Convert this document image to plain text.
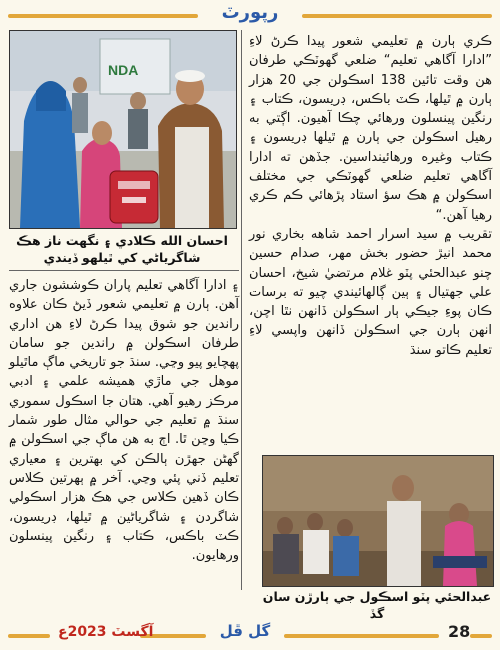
رپورٽ
NDA
احسان الله ڪلادي ۽ نگهت ناز هڪ شاگرياڻي کي ٿيلهو ڏيندي

ڪري ٻارن ۾ تعليمي شعور پيدا ڪرڻ لاءِ ”ادارا آگاهي تعليم“ ضلعي گهوٽڪي طرفان هن وقت تائين 138 اسڪولن جي 20 هزار ٻارن ۾ ٿيلها، ڪٽ باڪس، ڊريسون، ڪتاب ۽ رنگين پينسلون ورهائي چڪا آهيون. اڳتي به رهيل اسڪولن جي ٻارن ۾ ٿيلها ڊريسون ۽ ڪتاب وغيره ورهائينداسين. جڏهن ته ادارا آگاهي تعليم ضلعي گهوٽڪي جي مختلف اسڪولن ۾ هڪ سؤ استاد پڙهائي ڪم ڪري رهيا آهن.“

تقريب ۾ سيد اسرار احمد شاهه بخاري نور محمد انيڙ حضور بخش مهر، صدام حسين چنو عبدالحئي پٽو غلام مرتضيٰ شيخ، احسان علي جهتيال ۽ ٻين ڳالهائيندي چيو ته برسات ڪان پوءِ جيڪي ٻار اسڪولن ڏانهن نٿا اچن، انهن ٻارن جي اسڪولن ڏانهن واپسي لاءِ تعليم ڪاتو سنڌ

۽ ادارا آگاهي تعليم پاران ڪوششون جاري آهن. ٻارن ۾ تعليمي شعور ڏيڻ ڪان علاوه راندين جو شوق پيدا ڪرڻ لاءِ هن اداري طرفان اسڪولن ۾ راندين جو سامان پهچايو پيو وڃي. سنڌ جو تاريخي ماڳ ماٿيلو موهل جي ماڙي هميشه علمي ۽ ادبي مرڪز رهيو آهي. هتان جا اسڪول سموري سنڌ ۾ تعليم جي حوالي مثال طور شمار ڪيا وڃن ٿا. اڄ به هن ماڳ جي اسڪولن ۾ گهڻن جهڙن ٻالڪن کي بهترين ۽ معياري تعليم ڏني پئي وڃي. آخر ۾ ٻهرتين ڪلاس ڪان ڏهين ڪلاس جي هڪ هزار اسڪولي شاگردن ۽ شاگرياڻين ۾ ٿيلها، ڊريسون، ڪٽ باڪس، ڪتاب ۽ رنگين پينسلون ورهايون.

عبدالحئي پٽو اسڪول جي ٻارڙن سان گڏ
آگسٽ 2023ع	گل ڦل	28
